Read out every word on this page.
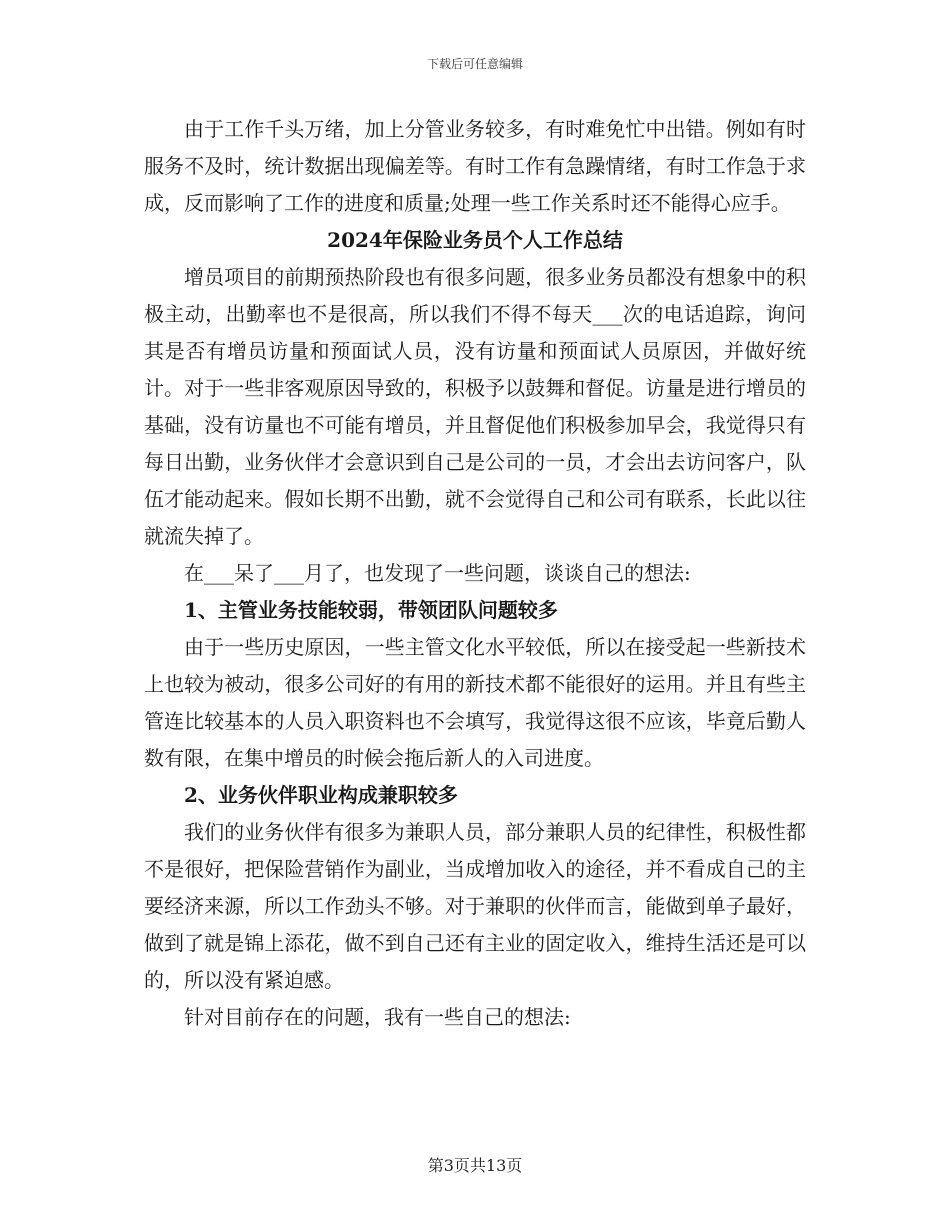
下载后可任意编辑

由于工作千头万绪，加上分管业务较多，有时难免忙中出错。例如有时服务不及时，统计数据出现偏差等。有时工作有急躁情绪，有时工作急于求成，反而影响了工作的进度和质量;处理一些工作关系时还不能得心应手。

2024年保险业务员个人工作总结

增员项目的前期预热阶段也有很多问题，很多业务员都没有想象中的积极主动，出勤率也不是很高，所以我们不得不每天___次的电话追踪，询问其是否有增员访量和预面试人员，没有访量和预面试人员原因，并做好统计。对于一些非客观原因导致的，积极予以鼓舞和督促。访量是进行增员的基础，没有访量也不可能有增员，并且督促他们积极参加早会，我觉得只有每日出勤，业务伙伴才会意识到自己是公司的一员，才会出去访问客户，队伍才能动起来。假如长期不出勤，就不会觉得自己和公司有联系，长此以往就流失掉了。

在___呆了___月了，也发现了一些问题，谈谈自己的想法:

1、主管业务技能较弱，带领团队问题较多

由于一些历史原因，一些主管文化水平较低，所以在接受起一些新技术上也较为被动，很多公司好的有用的新技术都不能很好的运用。并且有些主管连比较基本的人员入职资料也不会填写，我觉得这很不应该，毕竟后勤人数有限，在集中增员的时候会拖后新人的入司进度。

2、业务伙伴职业构成兼职较多

我们的业务伙伴有很多为兼职人员，部分兼职人员的纪律性，积极性都不是很好，把保险营销作为副业，当成增加收入的途径，并不看成自己的主要经济来源，所以工作劲头不够。对于兼职的伙伴而言，能做到单子最好，做到了就是锦上添花，做不到自己还有主业的固定收入，维持生活还是可以的，所以没有紧迫感。

针对目前存在的问题，我有一些自己的想法:

第3页共13页
